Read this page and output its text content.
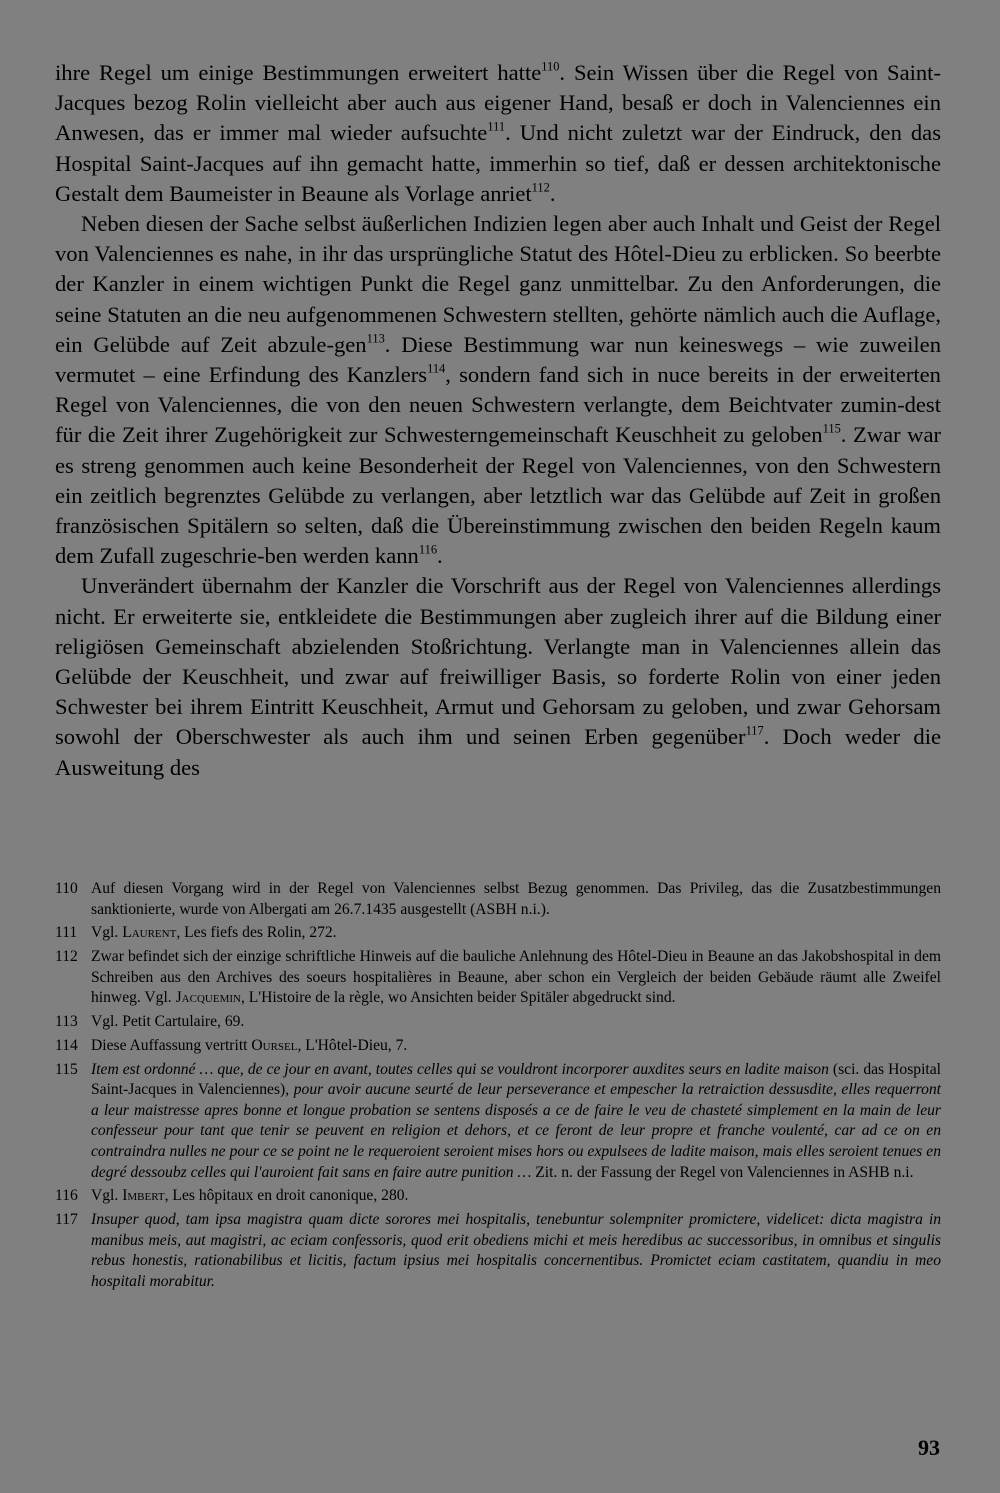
ihre Regel um einige Bestimmungen erweitert hatte$^{110}$. Sein Wissen über die Regel von Saint-Jacques bezog Rolin vielleicht aber auch aus eigener Hand, besaß er doch in Valenciennes ein Anwesen, das er immer mal wieder aufsuchte$^{111}$. Und nicht zuletzt war der Eindruck, den das Hospital Saint-Jacques auf ihn gemacht hatte, immerhin so tief, daß er dessen architektonische Gestalt dem Baumeister in Beaune als Vorlage anriet$^{112}$.

Neben diesen der Sache selbst äußerlichen Indizien legen aber auch Inhalt und Geist der Regel von Valenciennes es nahe, in ihr das ursprüngliche Statut des Hôtel-Dieu zu erblicken. So beerbte der Kanzler in einem wichtigen Punkt die Regel ganz unmittelbar. Zu den Anforderungen, die seine Statuten an die neu aufgenommenen Schwestern stellten, gehörte nämlich auch die Auflage, ein Gelübde auf Zeit abzule-gen$^{113}$. Diese Bestimmung war nun keineswegs – wie zuweilen vermutet – eine Erfindung des Kanzlers$^{114}$, sondern fand sich in nuce bereits in der erweiterten Regel von Valenciennes, die von den neuen Schwestern verlangte, dem Beichtvater zumin-dest für die Zeit ihrer Zugehörigkeit zur Schwesterngemeinschaft Keuschheit zu geloben$^{115}$. Zwar war es streng genommen auch keine Besonderheit der Regel von Valenciennes, von den Schwestern ein zeitlich begrenztes Gelübde zu verlangen, aber letztlich war das Gelübde auf Zeit in großen französischen Spitälern so selten, daß die Übereinstimmung zwischen den beiden Regeln kaum dem Zufall zugeschrie-ben werden kann$^{116}$.

Unverändert übernahm der Kanzler die Vorschrift aus der Regel von Valenciennes allerdings nicht. Er erweiterte sie, entkleidete die Bestimmungen aber zugleich ihrer auf die Bildung einer religiösen Gemeinschaft abzielenden Stoßrichtung. Verlangte man in Valenciennes allein das Gelübde der Keuschheit, und zwar auf freiwilliger Basis, so forderte Rolin von einer jeden Schwester bei ihrem Eintritt Keuschheit, Armut und Gehorsam zu geloben, und zwar Gehorsam sowohl der Oberschwester als auch ihm und seinen Erben gegenüber$^{117}$. Doch weder die Ausweitung des

110 Auf diesen Vorgang wird in der Regel von Valenciennes selbst Bezug genommen. Das Privileg, das die Zusatzbestimmungen sanktionierte, wurde von Albergati am 26.7.1435 ausgestellt (ASBH n.i.).
111 Vgl. Laurent, Les fiefs des Rolin, 272.
112 Zwar befindet sich der einzige schriftliche Hinweis auf die bauliche Anlehnung des Hôtel-Dieu in Beaune an das Jakobshospital in dem Schreiben aus den Archives des soeurs hospitalières in Beaune, aber schon ein Vergleich der beiden Gebäude räumt alle Zweifel hinweg. Vgl. Jacquemin, L'Histoire de la règle, wo Ansichten beider Spitäler abgedruckt sind.
113 Vgl. Petit Cartulaire, 69.
114 Diese Auffassung vertritt Oursel, L'Hôtel-Dieu, 7.
115 Item est ordonné … que, de ce jour en avant, toutes celles qui se vouldront incorporer auxdites seurs en ladite maison (sci. das Hospital Saint-Jacques in Valenciennes), pour avoir aucune seurté de leur perseverance et empescher la retraiction dessusdite, elles requerront a leur maistresse apres bonne et longue probation se sentens disposés a ce de faire le veu de chasteté simplement en la main de leur confesseur pour tant que tenir se peuvent en religion et dehors, et ce feront de leur propre et franche voulenté, car ad ce on en contraindra nulles ne pour ce se point ne le requeroient seroient mises hors ou expulsees de ladite maison, mais elles seroient tenues en degré dessoubz celles qui l'auroient fait sans en faire autre punition … Zit. n. der Fassung der Regel von Valenciennes in ASHB n.i.
116 Vgl. Imbert, Les hôpitaux en droit canonique, 280.
117 Insuper quod, tam ipsa magistra quam dicte sorores mei hospitalis, tenebuntur solempniter promictere, videlicet: dicta magistra in manibus meis, aut magistri, ac eciam confessoris, quod erit obediens michi et meis heredibus ac successoribus, in omnibus et singulis rebus honestis, rationabilibus et licitis, factum ipsius mei hospitalis concernentibus. Promictet eciam castitatem, quandiu in meo hospitali morabitur.
93
